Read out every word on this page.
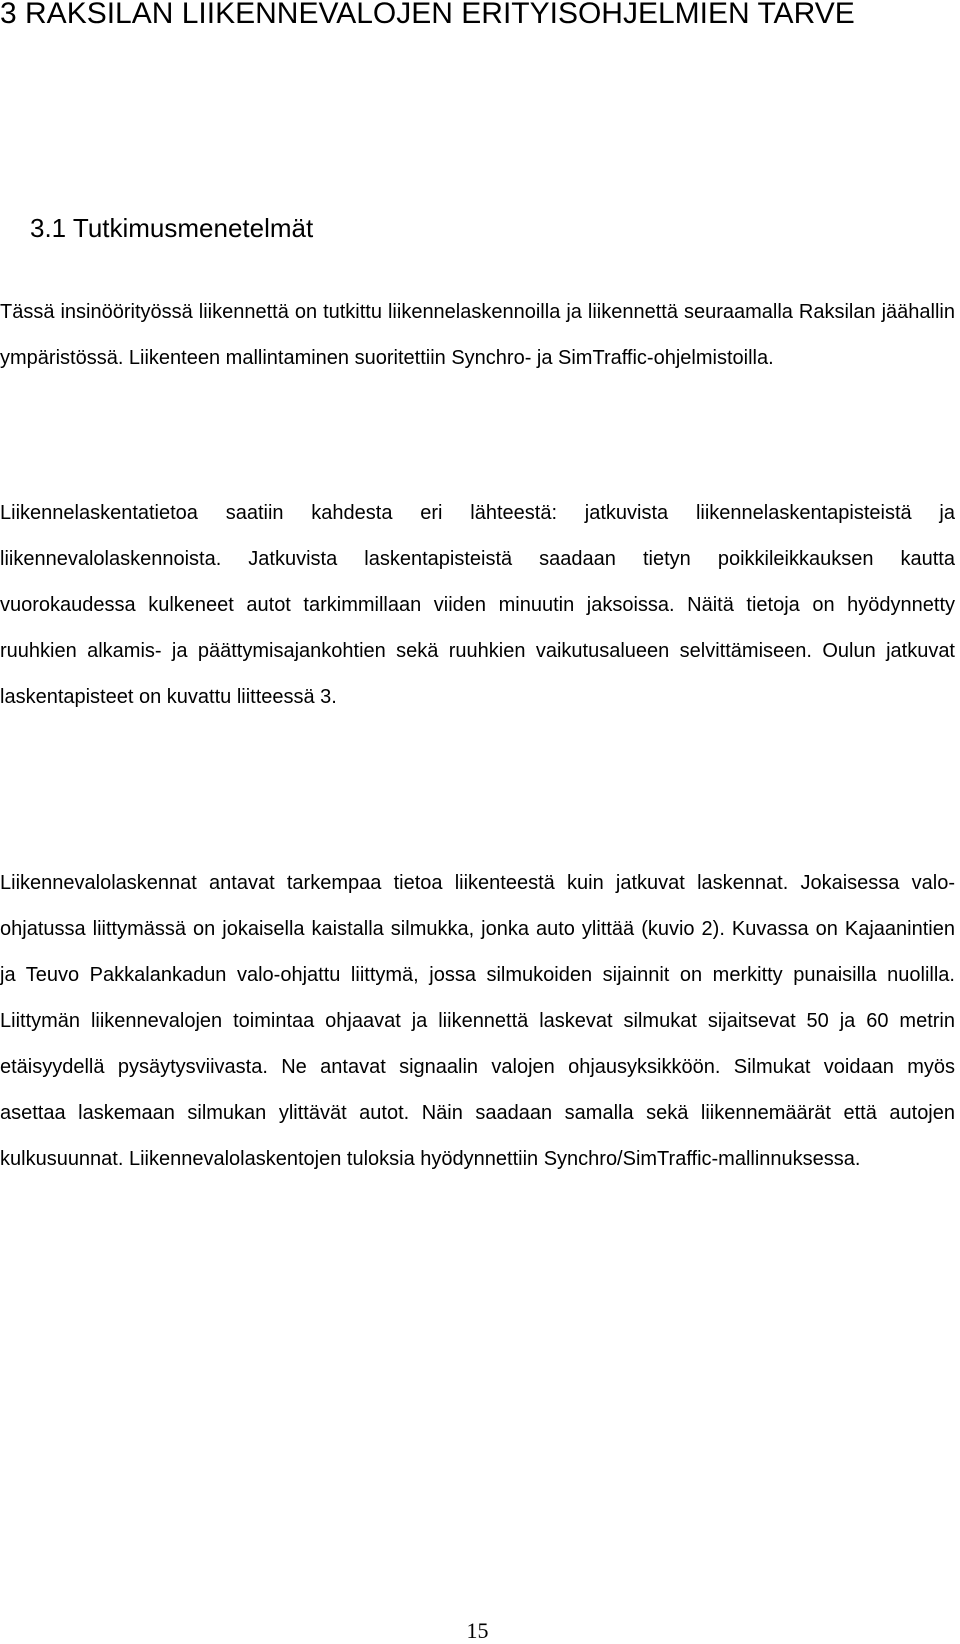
3 RAKSILAN LIIKENNEVALOJEN ERITYISOHJELMIEN TARVE
3.1 Tutkimusmenetelmät

Tässä insinöörityössä liikennettä on tutkittu liikennelaskennoilla ja liikennettä seuraamalla Raksilan jäähallin ympäristössä. Liikenteen mallintaminen suoritettiin Synchro- ja SimTraffic-ohjelmistoilla.

Liikennelaskentatietoa saatiin kahdesta eri lähteestä: jatkuvista liikennelaskentapisteistä ja liikennevalolaskennoista. Jatkuvista laskentapisteistä saadaan tietyn poikkileikkauksen kautta vuorokaudessa kulkeneet autot tarkimmillaan viiden minuutin jaksoissa. Näitä tietoja on hyödynnetty ruuhkien alkamis- ja päättymisajankohtien sekä ruuhkien vaikutusalueen selvittämiseen. Oulun jatkuvat laskentapisteet on kuvattu liitteessä 3.

Liikennevalolaskennat antavat tarkempaa tietoa liikenteestä kuin jatkuvat laskennat. Jokaisessa valo-ohjatussa liittymässä on jokaisella kaistalla silmukka, jonka auto ylittää (kuvio 2). Kuvassa on Kajaanintien ja Teuvo Pakkalankadun valo-ohjattu liittymä, jossa silmukoiden sijainnit on merkitty punaisilla nuolilla. Liittymän liikennevalojen toimintaa ohjaavat ja liikennettä laskevat silmukat sijaitsevat 50 ja 60 metrin etäisyydellä pysäytysviivasta. Ne antavat signaalin valojen ohjausyksikköön. Silmukat voidaan myös asettaa laskemaan silmukan ylittävät autot. Näin saadaan samalla sekä liikennemäärät että autojen kulkusuunnat. Liikennevalolaskentojen tuloksia hyödynnettiin Synchro/SimTraffic-mallinnuksessa.

15
